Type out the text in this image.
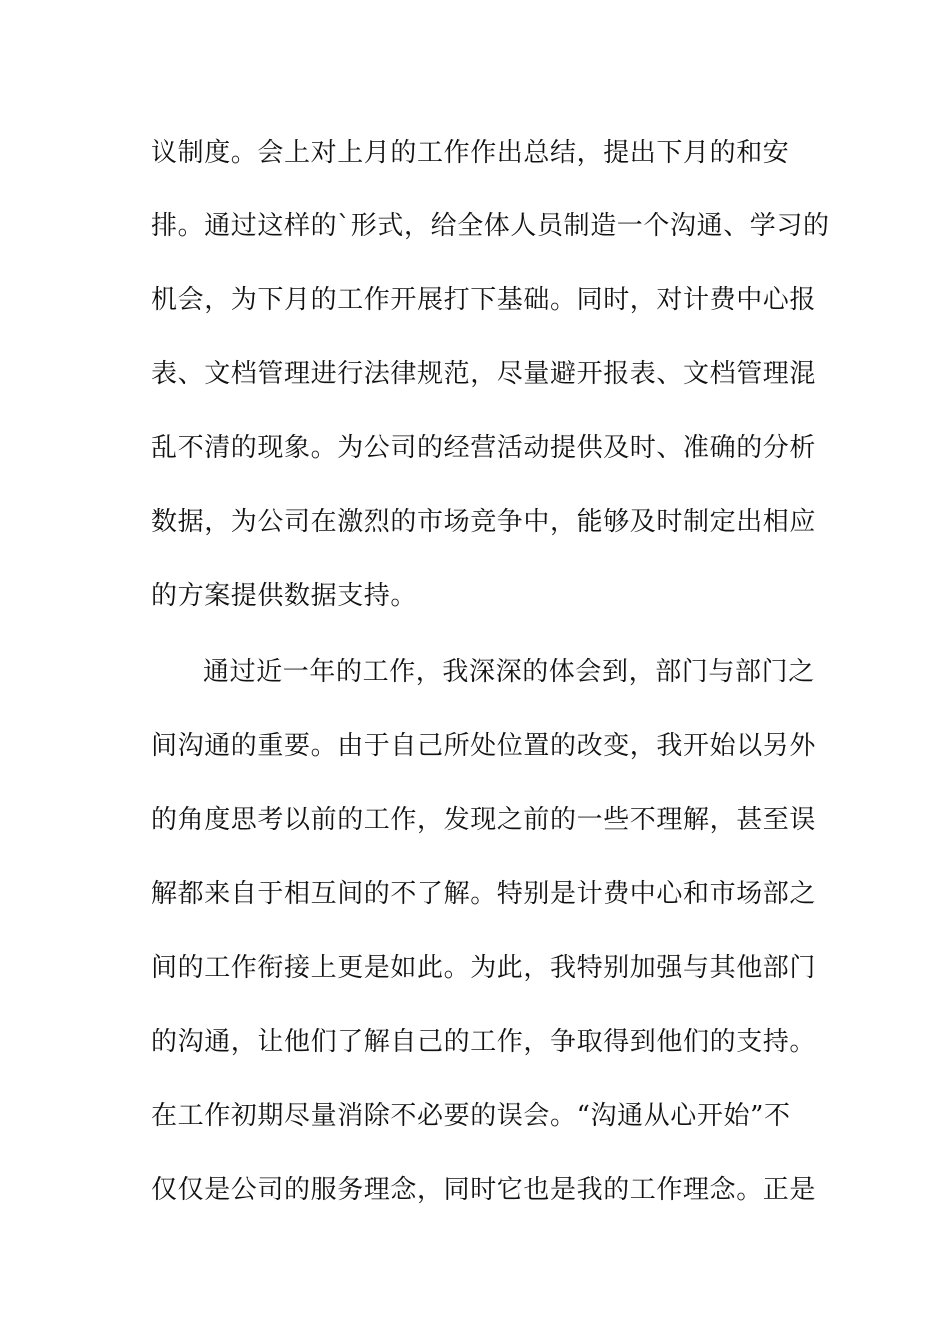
议制度。会上对上月的工作作出总结，提出下月的和安
排。通过这样的`形式，给全体人员制造一个沟通、学习的
机会，为下月的工作开展打下基础。同时，对计费中心报
表、文档管理进行法律规范，尽量避开报表、文档管理混
乱不清的现象。为公司的经营活动提供及时、准确的分析
数据，为公司在激烈的市场竞争中，能够及时制定出相应
的方案提供数据支持。
通过近一年的工作，我深深的体会到，部门与部门之
间沟通的重要。由于自己所处位置的改变，我开始以另外
的角度思考以前的工作，发现之前的一些不理解，甚至误
解都来自于相互间的不了解。特别是计费中心和市场部之
间的工作衔接上更是如此。为此，我特别加强与其他部门
的沟通，让他们了解自己的工作，争取得到他们的支持。
在工作初期尽量消除不必要的误会。“沟通从心开始”不
仅仅是公司的服务理念，同时它也是我的工作理念。正是
